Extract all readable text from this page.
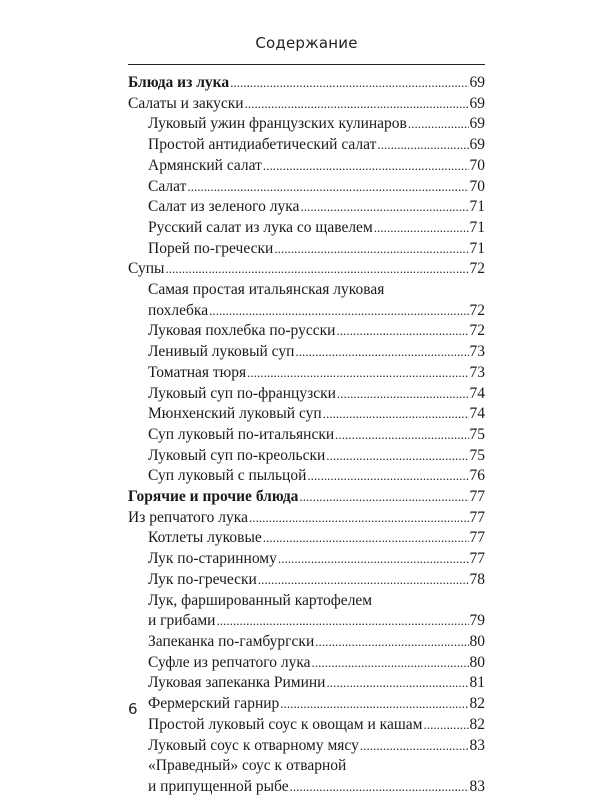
Содержание
Блюда из лука . . .	69
Салаты и закуски . . .	69
Луковый ужин французских кулинаров . . .	69
Простой антидиабетический салат . . .	69
Армянский салат . . .	70
Салат . . .	70
Салат из зеленого лука . . .	71
Русский салат из лука со щавелем . . .	71
Порей по-гречески . . .	71
Супы . . .	72
Самая простая итальянская луковая
похлебка . . .	72
Луковая похлебка по-русски . . .	72
Ленивый луковый суп . . .	73
Томатная тюря . . .	73
Луковый суп по-французски . . .	74
Мюнхенский луковый суп . . .	74
Суп луковый по-итальянски . . .	75
Луковый суп по-креольски . . .	75
Суп луковый с пыльцой . . .	76
Горячие и прочие блюда . . .	77
Из репчатого лука . . .	77
Котлеты луковые . . .	77
Лук по-старинному . . .	77
Лук по-гречески . . .	78
Лук, фаршированный картофелем
и грибами . . .	79
Запеканка по-гамбургски . . .	80
Суфле из репчатого лука . . .	80
Луковая запеканка Римини . . .	81
Фермерский гарнир . . .	82
Простой луковый соус к овощам и кашам . . .	82
Луковый соус к отварному мясу . . .	83
«Праведный» соус к отварной
и припущенной рыбе . . .	83
6
